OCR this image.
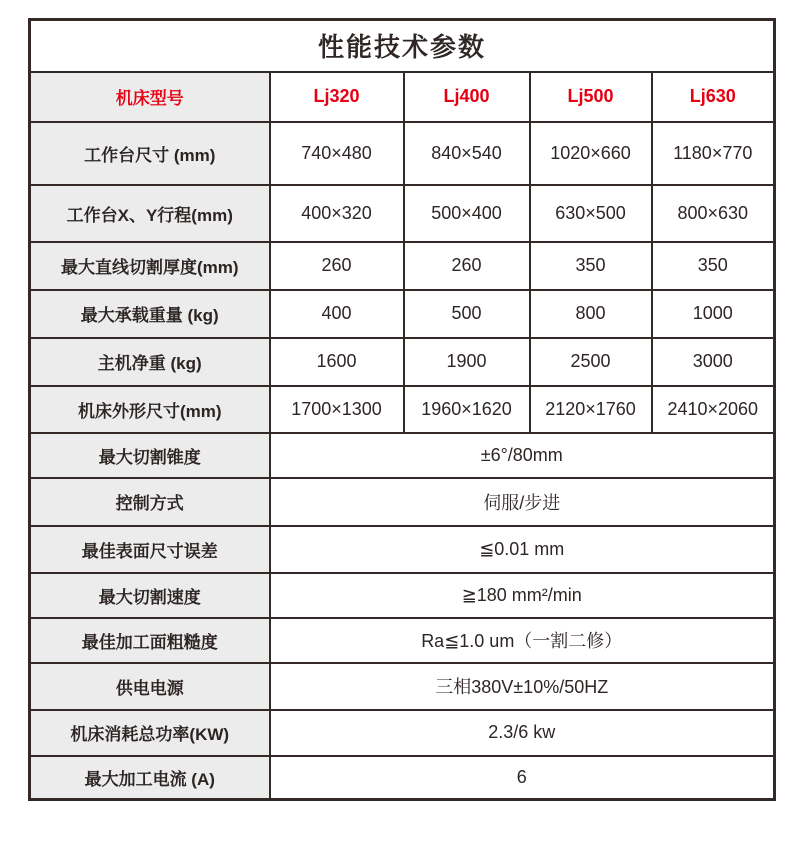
性能技术参数				
机床型号	Lj320	Lj400	Lj500	Lj630
工作台尺寸 (mm)	740×480	840×540	1020×660	1180×770
工作台X、Y行程(mm)	400×320	500×400	630×500	800×630
最大直线切割厚度(mm)	260	260	350	350
最大承载重量 (kg)	400	500	800	1000
主机净重 (kg)	1600	1900	2500	3000
机床外形尺寸(mm)	1700×1300	1960×1620	2120×1760	2410×2060
最大切割锥度	±6°/80mm			
控制方式	伺服/步进			
最佳表面尺寸误差	≦0.01 mm			
最大切割速度	≧180 mm²/min			
最佳加工面粗糙度	Ra≦1.0 um（一割二修）			
供电电源	三相380V±10%/50HZ			
机床消耗总功率(KW)	2.3/6 kw			
最大加工电流 (A)	6			
